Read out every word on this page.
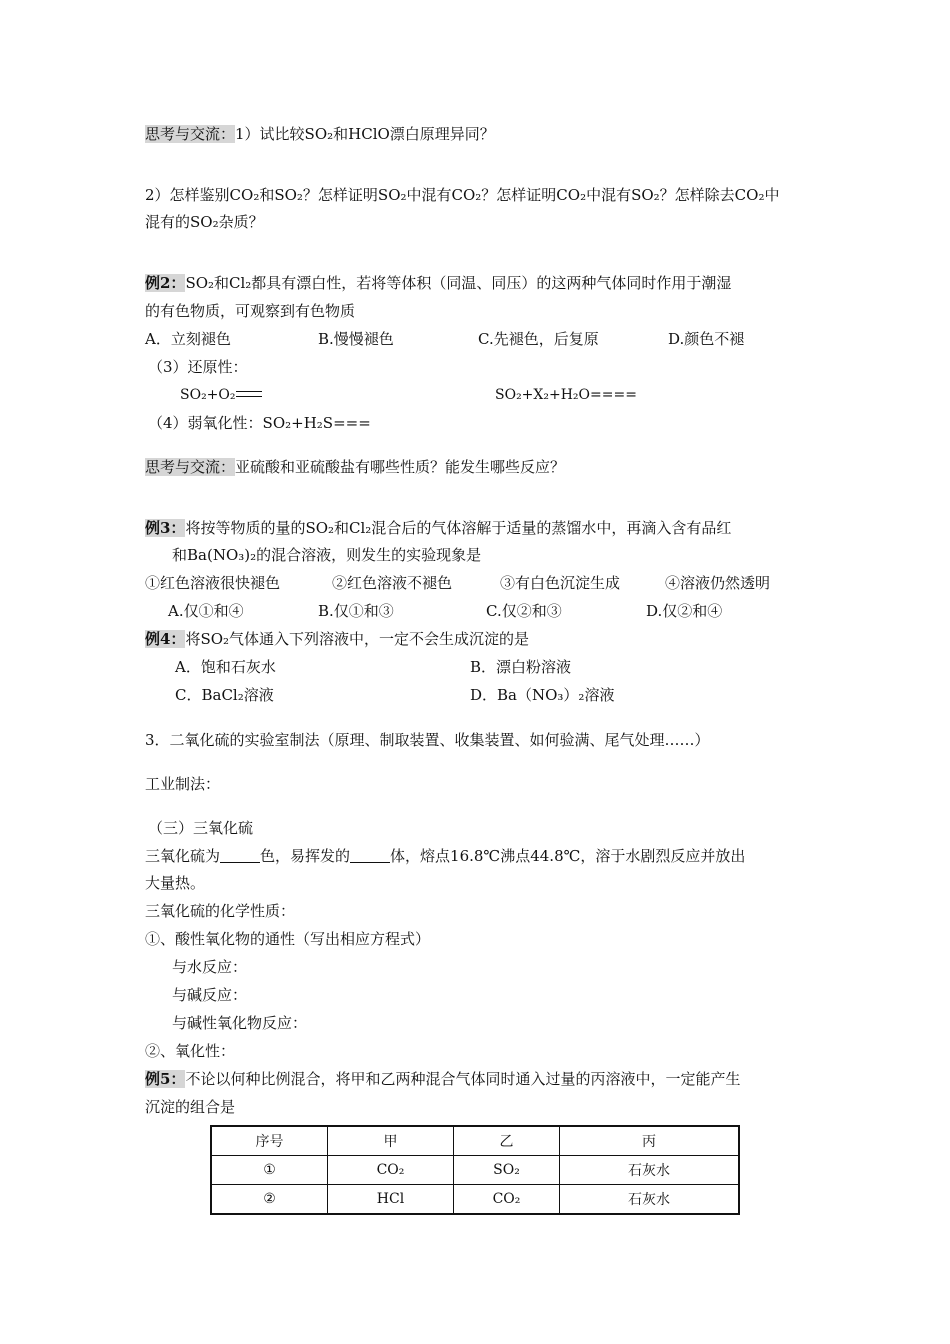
思考与交流：1）试比较SO₂和HClO漂白原理异同？
2）怎样鉴别CO₂和SO₂？怎样证明SO₂中混有CO₂？怎样证明CO₂中混有SO₂？怎样除去CO₂中
混有的SO₂杂质？
例2：SO₂和Cl₂都具有漂白性，若将等体积（同温、同压）的这两种气体同时作用于潮湿
的有色物质，可观察到有色物质
A．立刻褪色	B.慢慢褪色	C.先褪色，后复原	D.颜色不褪
（3）还原性：
SO₂+O₂	SO₂+X₂+H₂O====
（4）弱氧化性：SO₂+H₂S===
思考与交流：亚硫酸和亚硫酸盐有哪些性质？能发生哪些反应？
例3：将按等物质的量的SO₂和Cl₂混合后的气体溶解于适量的蒸馏水中，再滴入含有品红
和Ba(NO₃)₂的混合溶液，则发生的实验现象是
①红色溶液很快褪色	②红色溶液不褪色	③有白色沉淀生成	④溶液仍然透明
A.仅①和④	B.仅①和③	C.仅②和③	D.仅②和④
例4：将SO₂气体通入下列溶液中，一定不会生成沉淀的是
A．饱和石灰水	B．漂白粉溶液
C．BaCl₂溶液	D．Ba（NO₃）₂溶液
3．二氧化硫的实验室制法（原理、制取装置、收集装置、如何验满、尾气处理……）
工业制法：
（三）三氧化硫
三氧化硫为	色，易挥发的	体，熔点16.8℃沸点44.8℃，溶于水剧烈反应并放出
大量热。
三氧化硫的化学性质：
①、酸性氧化物的通性（写出相应方程式）
与水反应：
与碱反应：
与碱性氧化物反应：
②、氧化性：
例5：不论以何种比例混合，将甲和乙两种混合气体同时通入过量的丙溶液中，一定能产生
沉淀的组合是
序号	甲	乙	丙
①	CO₂	SO₂	石灰水
②	HCl	CO₂	石灰水
